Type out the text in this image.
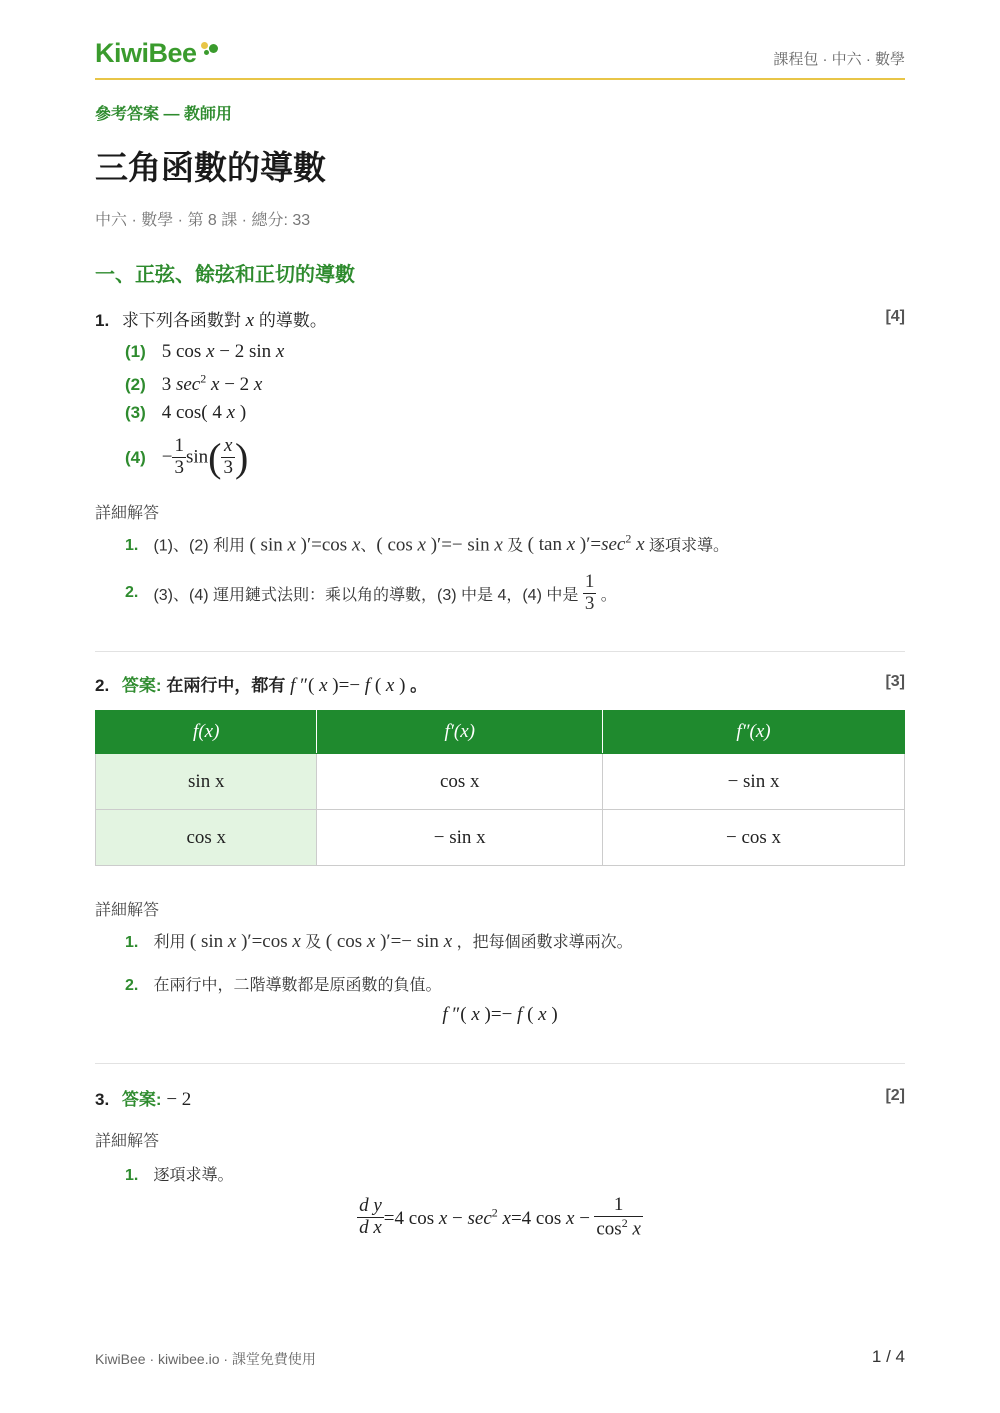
KiwiBee	課程包 · 中六 · 數學
參考答案 — 教師用
三角函數的導數
中六 · 數學 · 第 8 課 · 總分: 33
一、正弦、餘弦和正切的導數
1. 求下列各函數對 x 的導數。	[4]
(1) 5 cos x − 2 sin x
(2) 3 $\sec^2 x - 2$ x
(3) 4 cos( 4 x )
$(4) - \frac{1}{3} \sin( \frac{x}{3}$ )
詳細解答
1. (1)、(2) 利用 ( sin x )′=cos x、( cos x )′=− sin x 及 ( tan x )$'=\sec^2$ x 逐項求導。
2. (3)、(4) 運用鏈式法則：乘以角的導數，(3) 中是 4，(4) 中是 $\frac{1}{3}$ 。
2. 答案: 在兩行中，都有 f ″( x )=− f ( x ) 。	[3]
f(x)	f′(x)	f″(x)
sin x	cos x	− sin x
cos x	− sin x	− cos x
詳細解答
1. 利用 ( sin x )′=cos x 及 ( cos x )′=− sin x ，把每個函數求導兩次。
2. 在兩行中，二階導數都是原函數的負值。
f ″( x )=− f ( x )
3. 答案: − 2	[2]
詳細解答
1. 逐項求導。
$\frac{\text{d y}}{\text{d x}} =4$ $\cos x - \sec^2 x=4$ $\cos x - \frac{1}{\cos^2 x}$
KiwiBee · kiwibee.io · 課堂免費使用	1 / 4
